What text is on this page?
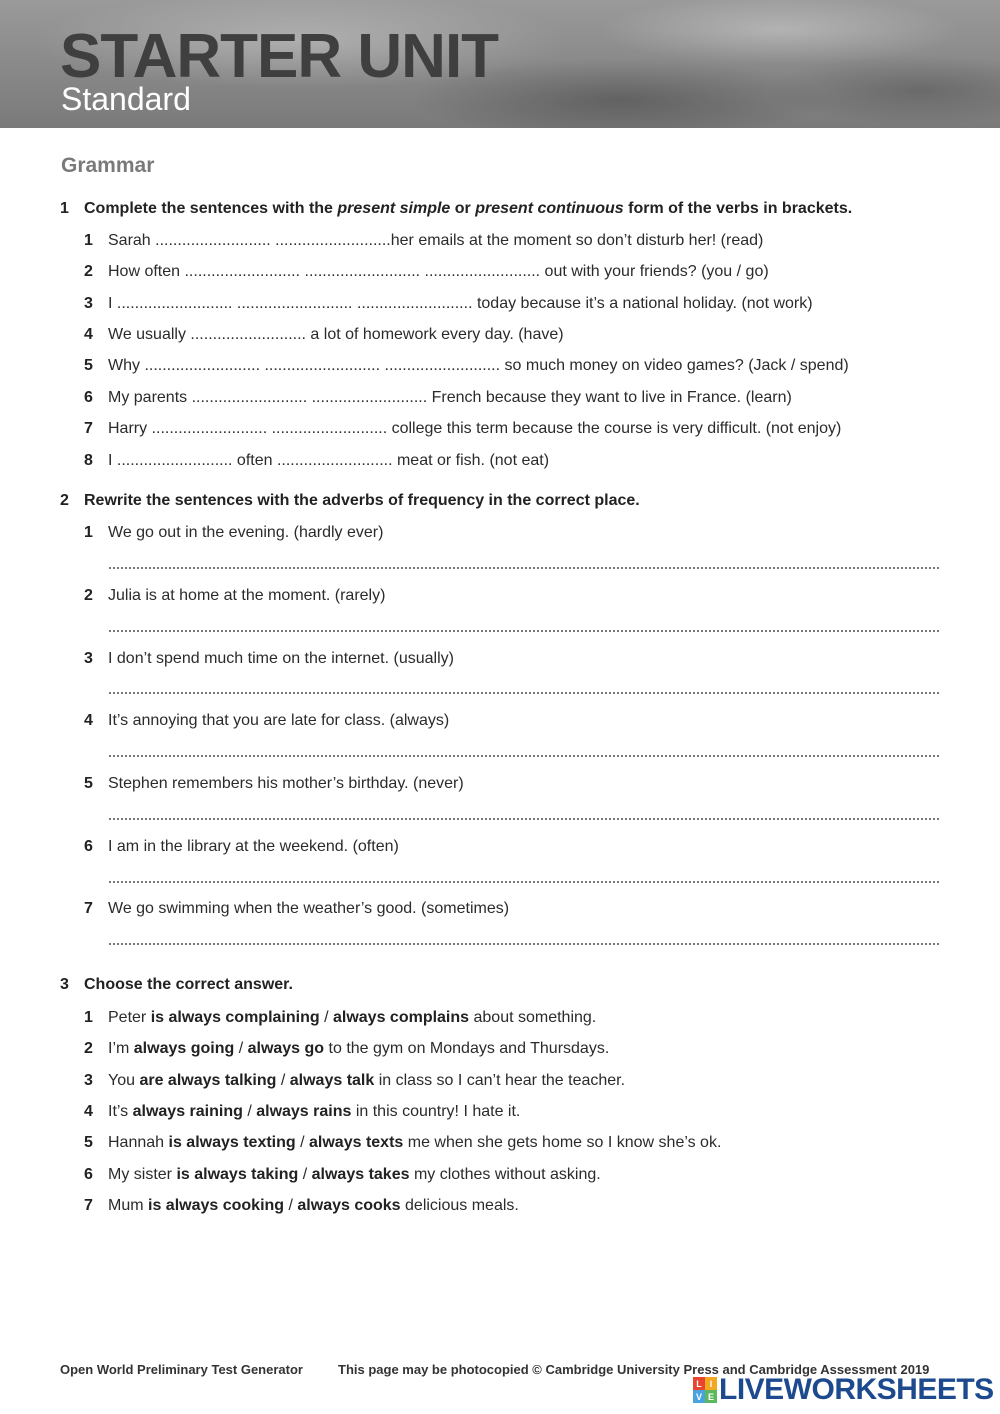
STARTER UNIT
Standard
Grammar
1 Complete the sentences with the present simple or present continuous form of the verbs in brackets.
1 Sarah .......................... ..........................her emails at the moment so don’t disturb her! (read)
2 How often .......................... .......................... .......................... out with your friends? (you / go)
3 I .......................... .......................... .......................... today because it’s a national holiday. (not work)
4 We usually .......................... a lot of homework every day. (have)
5 Why .......................... .......................... .......................... so much money on video games? (Jack / spend)
6 My parents .......................... .......................... French because they want to live in France. (learn)
7 Harry .......................... .......................... college this term because the course is very difficult. (not enjoy)
8 I .......................... often .......................... meat or fish. (not eat)
2 Rewrite the sentences with the adverbs of frequency in the correct place.
1 We go out in the evening. (hardly ever)
2 Julia is at home at the moment. (rarely)
3 I don’t spend much time on the internet. (usually)
4 It’s annoying that you are late for class. (always)
5 Stephen remembers his mother’s birthday. (never)
6 I am in the library at the weekend. (often)
7 We go swimming when the weather’s good. (sometimes)
3 Choose the correct answer.
1 Peter is always complaining / always complains about something.
2 I’m always going / always go to the gym on Mondays and Thursdays.
3 You are always talking / always talk in class so I can’t hear the teacher.
4 It’s always raining / always rains in this country! I hate it.
5 Hannah is always texting / always texts me when she gets home so I know she’s ok.
6 My sister is always taking / always takes my clothes without asking.
7 Mum is always cooking / always cooks delicious meals.
Open World Preliminary Test Generator	This page may be photocopied © Cambridge University Press and Cambridge Assessment 2019
L I
V E LIVEWORKSHEETS
